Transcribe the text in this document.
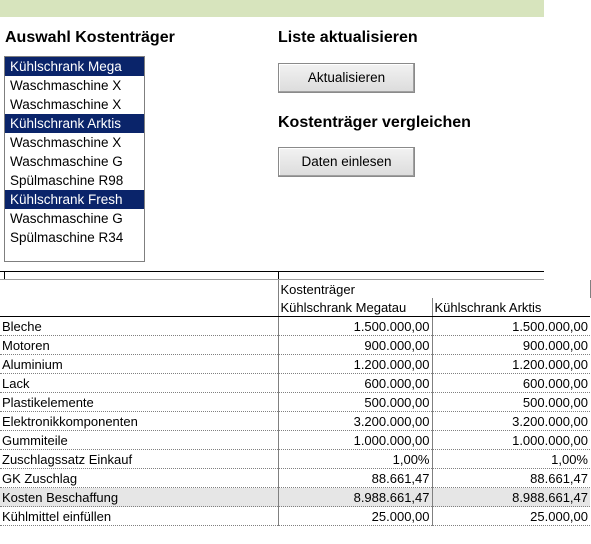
Auswahl Kostenträger
Kühlschrank Mega
Waschmaschine X
Waschmaschine X
Kühlschrank Arktis
Waschmaschine X
Waschmaschine G
Spülmaschine R98
Kühlschrank Fresh
Waschmaschine G
Spülmaschine R34
Liste aktualisieren
Aktualisieren
Kostenträger vergleichen
Daten einlesen
	Kostenträger	
	Kühlschrank Megatau	Kühlschrank Arktis
Bleche	1.500.000,00	1.500.000,00
Motoren	900.000,00	900.000,00
Aluminium	1.200.000,00	1.200.000,00
Lack	600.000,00	600.000,00
Plastikelemente	500.000,00	500.000,00
Elektronikkomponenten	3.200.000,00	3.200.000,00
Gummiteile	1.000.000,00	1.000.000,00
Zuschlagssatz Einkauf	1,00%	1,00%
GK Zuschlag	88.661,47	88.661,47
Kosten Beschaffung	8.988.661,47	8.988.661,47
Kühlmittel einfüllen	25.000,00	25.000,00
